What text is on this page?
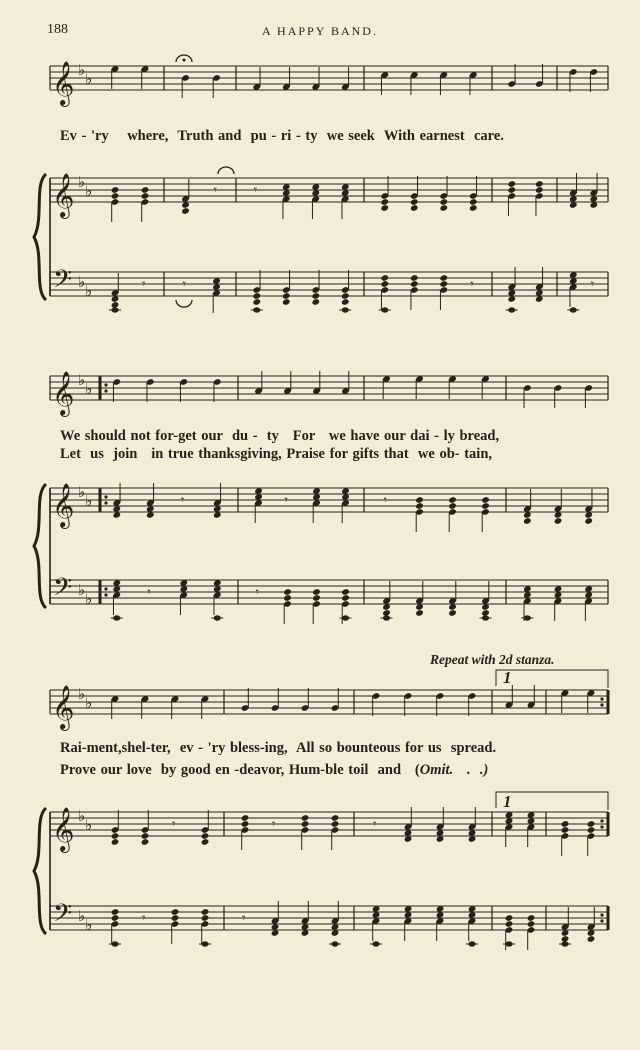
188	A HAPPY BAND.
𝄞 ♭ ♭
𝄞 ♭ ♭	𝄾	𝄾
𝄢 ♭ ♭	𝄾	𝄾	𝄾	𝄾
𝄞 ♭ ♭
𝄞 ♭ ♭	𝄾	𝄾	𝄾
𝄢 ♭ ♭	𝄾	𝄾
𝄞 ♭ ♭
𝄞 ♭ ♭	𝄾	𝄾	𝄾
𝄢 ♭ ♭	𝄾	𝄾
Ev - 'ry    where,  Truth and  pu - ri - ty  we seek  With earnest  care.
We should not for-get our  du -  ty   For   we have our dai - ly bread,
Let  us  join   in true thanksgiving, Praise for gifts that  we ob- tain,
Rai-ment,shel-ter,  ev - 'ry bless-ing,  All so bounteous for us  spread.
Prove our love  by good en -deavor, Hum-ble toil  and   (Omit.   .  .)
Repeat with 2d stanza.
1
1
